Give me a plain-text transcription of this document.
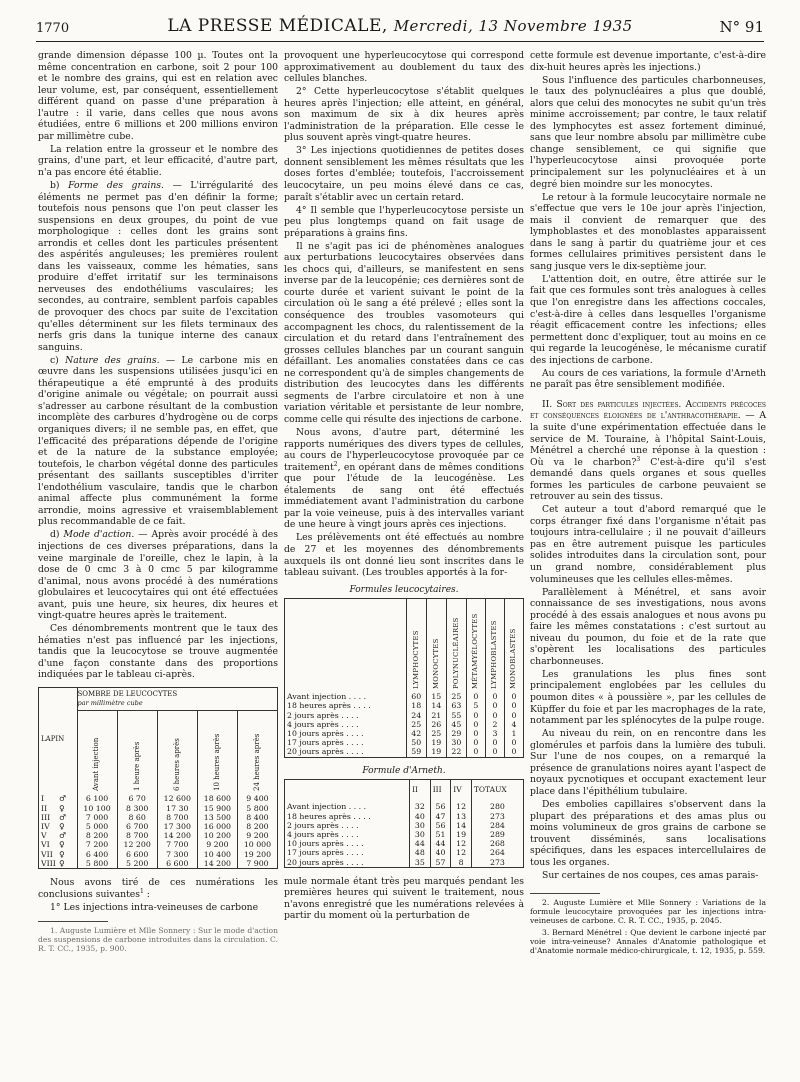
1770	LA PRESSE MÉDICALE, Mercredi, 13 Novembre 1935	N° 91

grande dimension dépasse 100 µ. Toutes ont la même concentration en carbone, soit 2 pour 100 et le nombre des grains, qui est en relation avec leur volume, est, par conséquent, essentiellement différent quand on passe d'une préparation à l'autre : il varie, dans celles que nous avons étudiées, entre 6 millions et 200 millions environ par millimètre cube.

La relation entre la grosseur et le nombre des grains, d'une part, et leur efficacité, d'autre part, n'a pas encore été établie.

b) Forme des grains. — L'irrégularité des éléments ne permet pas d'en définir la forme; toutefois nous pensons que l'on peut classer les suspensions en deux groupes, du point de vue morphologique : celles dont les grains sont arrondis et celles dont les particules présentent des aspérités anguleuses; les premières roulent dans les vaisseaux, comme les hématies, sans produire d'effet irritatif sur les terminaisons nerveuses des endothéliums vasculaires; les secondes, au contraire, semblent parfois capables de provoquer des chocs par suite de l'excitation qu'elles déterminent sur les filets terminaux des nerfs gris dans la tunique interne des canaux sanguins.

c) Nature des grains. — Le carbone mis en œuvre dans les suspensions utilisées jusqu'ici en thérapeutique a été emprunté à des produits d'origine animale ou végétale; on pourrait aussi s'adresser au carbone résultant de la combustion incomplète des carbures d'hydrogène ou de corps organiques divers; il ne semble pas, en effet, que l'efficacité des préparations dépende de l'origine et de la nature de la substance employée; toutefois, le charbon végétal donne des particules présentant des saillants susceptibles d'irriter l'endothélium vasculaire, tandis que le charbon animal affecte plus communément la forme arrondie, moins agressive et vraisemblablement plus recommandable de ce fait.

d) Mode d'action. — Après avoir procédé à des injections de ces diverses préparations, dans la veine marginale de l'oreille, chez le lapin, à la dose de 0 cmc 3 à 0 cmc 5 par kilogramme d'animal, nous avons procédé à des numérations globulaires et leucocytaires qui ont été effectuées avant, puis une heure, six heures, dix heures et vingt-quatre heures après le traitement.

Ces dénombrements montrent que le taux des hématies n'est pas influencé par les injections, tandis que la leucocytose se trouve augmentée d'une façon constante dans des proportions indiquées par le tableau ci-après.

LAPIN	SOMBRE DE LEUCOCYTES
par millimètre cube				

	Avant injection	1 heure après	6 heures après	10 heures après	24 heures après

I ♂	6 100	6 70	12 600	18 600	9 400
II ♀	10 100	8 300	17 30	15 900	5 800
III ♂	7 000	8 60	8 700	13 500	8 400
IV ♀	5 000	6 700	17 300	16 000	8 200
V ♂	8 200	8 700	14 200	10 200	9 200
VI ♀	7 200	12 200	7 700	9 200	10 000
VII ♀	6 400	6 600	7 300	10 400	19 200
VIII ♀	5 800	5 200	6 600	14 200	7 900

Nous avons tiré de ces numérations les conclusions suivantes$^1$ :

1° Les injections intra-veineuses de carbone

1. Auguste Lumière et Mlle Sonnery : Sur le mode d'action des suspensions de carbone introduites dans la circulation. C. R. T. CC., 1935, p. 900.

provoquent une hyperleucocytose qui correspond approximativement au doublement du taux des cellules blanches.

2° Cette hyperleucocytose s'établit quelques heures après l'injection; elle atteint, en général, son maximum de six à dix heures après l'administration de la préparation. Elle cesse le plus souvent après vingt-quatre heures.

3° Les injections quotidiennes de petites doses donnent sensiblement les mêmes résultats que les doses fortes d'emblée; toutefois, l'accroissement leucocytaire, un peu moins élevé dans ce cas, paraît s'établir avec un certain retard.

4° Il semble que l'hyperleucocytose persiste un peu plus longtemps quand on fait usage de préparations à grains fins.

Il ne s'agit pas ici de phénomènes analogues aux perturbations leucocytaires observées dans les chocs qui, d'ailleurs, se manifestent en sens inverse par de la leucopénie; ces dernières sont de courte durée et varient suivant le point de la circulation où le sang a été prélevé ; elles sont la conséquence des troubles vasomoteurs qui accompagnent les chocs, du ralentissement de la circulation et du retard dans l'entraînement des grosses cellules blanches par un courant sanguin défaillant. Les anomalies constatées dans ce cas ne correspondent qu'à de simples changements de distribution des leucocytes dans les différents segments de l'arbre circulatoire et non à une variation véritable et persistante de leur nombre, comme celle qui résulte des injections de carbone.

Nous avons, d'autre part, déterminé les rapports numériques des divers types de cellules, au cours de l'hyperleucocytose provoquée par ce traitement$^2$, en opérant dans de mêmes conditions que pour l'étude de la leucogénèse. Les étalements de sang ont été effectués immédiatement avant l'administration du carbone par la voie veineuse, puis à des intervalles variant de une heure à vingt jours après ces injections.

Les prélèvements ont été effectués au nombre de 27 et les moyennes des dénombrements auxquels ils ont donné lieu sont inscrites dans le tableau suivant. (Les troubles apportés à la for-

Formules leucocytaires.

	LYMPHOCYTES	MONOCYTES	POLYNUCLÉAIRES	MÉTAMYÉLOCYTES	LYMPHOBLASTES	MONOBLASTES

Avant injection . . . .	60	15	25	0	0	0
18 heures après . . . .	18	14	63	5	0	0
2 jours après . . . .	24	21	55	0	0	0
4 jours après . . . .	25	26	45	0	2	4
10 jours après . . . .	42	25	29	0	3	1
17 jours après . . . .	50	19	30	0	0	0
20 jours après . . . .	59	19	22	0	0	0
Formule d'Arneth.

	II	III	IV	TOTAUX

Avant injection . . . .	32	56	12	280
18 heures après . . . .	40	47	13	273
2 jours après . . . .	30	56	14	284
4 jours après . . . .	30	51	19	289
10 jours après . . . .	44	44	12	268
17 jours après . . . .	48	40	12	264
20 jours après . . . .	35	57	8	273

mule normale étant très peu marqués pendant les premières heures qui suivent le traitement, nous n'avons enregistré que les numérations relevées à partir du moment où la perturbation de

cette formule est devenue importante, c'est-à-dire dix-huit heures après les injections.)

Sous l'influence des particules charbonneuses, le taux des polynucléaires a plus que doublé, alors que celui des monocytes ne subit qu'un très minime accroissement; par contre, le taux relatif des lymphocytes est assez fortement diminué, sans que leur nombre absolu par millimètre cube change sensiblement, ce qui signifie que l'hyperleucocytose ainsi provoquée porte principalement sur les polynucléaires et à un degré bien moindre sur les monocytes.

Le retour à la formule leucocytaire normale ne s'effectue que vers le 10e jour après l'injection, mais il convient de remarquer que des lymphoblastes et des monoblastes apparaissent dans le sang à partir du quatrième jour et ces formes cellulaires primitives persistent dans le sang jusque vers le dix-septième jour.

L'attention doit, en outre, être attirée sur le fait que ces formules sont très analogues à celles que l'on enregistre dans les affections coccales, c'est-à-dire à celles dans lesquelles l'organisme réagit efficacement contre les infections; elles permettent donc d'expliquer, tout au moins en ce qui regarde la leucogénèse, le mécanisme curatif des injections de carbone.

Au cours de ces variations, la formule d'Arneth ne paraît pas être sensiblement modifiée.

II. Sort des particules injectées. Accidents précoces et conséquences éloignées de l'anthracothérapie. — A la suite d'une expérimentation effectuée dans le service de M. Touraine, à l'hôpital Saint-Louis, Ménétrel a cherché une réponse à la question : Où va le charbon?$^3$ C'est-à-dire qu'il s'est demandé dans quels organes et sous quelles formes les particules de carbone peuvaient se retrouver au sein des tissus.

Cet auteur a tout d'abord remarqué que le corps étranger fixé dans l'organisme n'était pas toujours intra-cellulaire ; il ne pouvait d'ailleurs pas en être autrement puisque les particules solides introduites dans la circulation sont, pour un grand nombre, considérablement plus volumineuses que les cellules elles-mêmes.

Parallèlement à Ménétrel, et sans avoir connaissance de ses investigations, nous avons procédé à des essais analogues et nous avons pu faire les mêmes constatations : c'est surtout au niveau du poumon, du foie et de la rate que s'opèrent les localisations des particules charbonneuses.

Les granulations les plus fines sont principalement englobées par les cellules du poumon dites « à poussière », par les cellules de Küpffer du foie et par les macrophages de la rate, notamment par les splénocytes de la pulpe rouge.

Au niveau du rein, on en rencontre dans les glomérules et parfois dans la lumière des tubuli. Sur l'une de nos coupes, on a remarqué la présence de granulations noires ayant l'aspect de noyaux pycnotiques et occupant exactement leur place dans l'épithélium tubulaire.

Des embolies capillaires s'observent dans la plupart des préparations et des amas plus ou moins volumineux de gros grains de carbone se trouvent disséminés, sans localisations spécifiques, dans les espaces intercellulaires de tous les organes.

Sur certaines de nos coupes, ces amas parais-

2. Auguste Lumière et Mlle Sonnery : Variations de la formule leucocytaire provoquées par les injections intra-veineuses de carbone. C. R. T. CC., 1935, p. 2045.

3. Bernard Ménétrel : Que devient le carbone injecté par voie intra-veineuse? Annales d'Anatomie pathologique et d'Anatomie normale médico-chirurgicale, t. 12, 1935, p. 559.
